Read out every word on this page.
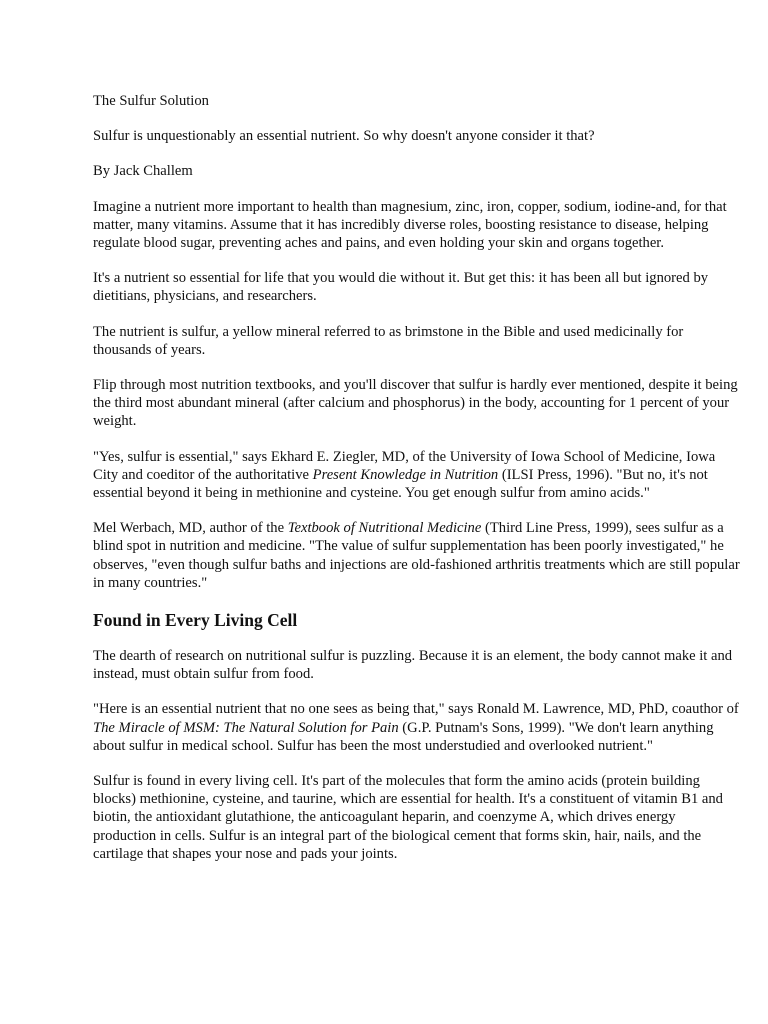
The Sulfur Solution

Sulfur is unquestionably an essential nutrient. So why doesn't anyone consider it that?

By Jack Challem

Imagine a nutrient more important to health than magnesium, zinc, iron, copper, sodium, iodine-and, for that matter, many vitamins. Assume that it has incredibly diverse roles, boosting resistance to disease, helping regulate blood sugar, preventing aches and pains, and even holding your skin and organs together.

It's a nutrient so essential for life that you would die without it. But get this: it has been all but ignored by dietitians, physicians, and researchers.

The nutrient is sulfur, a yellow mineral referred to as brimstone in the Bible and used medicinally for thousands of years.

Flip through most nutrition textbooks, and you'll discover that sulfur is hardly ever mentioned, despite it being the third most abundant mineral (after calcium and phosphorus) in the body, accounting for 1 percent of your weight.

"Yes, sulfur is essential," says Ekhard E. Ziegler, MD, of the University of Iowa School of Medicine, Iowa City and coeditor of the authoritative Present Knowledge in Nutrition (ILSI Press, 1996). "But no, it's not essential beyond it being in methionine and cysteine. You get enough sulfur from amino acids."

Mel Werbach, MD, author of the Textbook of Nutritional Medicine (Third Line Press, 1999), sees sulfur as a blind spot in nutrition and medicine. "The value of sulfur supplementation has been poorly investigated," he observes, "even though sulfur baths and injections are old-fashioned arthritis treatments which are still popular in many countries."

Found in Every Living Cell

The dearth of research on nutritional sulfur is puzzling. Because it is an element, the body cannot make it and instead, must obtain sulfur from food.

"Here is an essential nutrient that no one sees as being that," says Ronald M. Lawrence, MD, PhD, coauthor of The Miracle of MSM: The Natural Solution for Pain (G.P. Putnam's Sons, 1999). "We don't learn anything about sulfur in medical school. Sulfur has been the most understudied and overlooked nutrient."

Sulfur is found in every living cell. It's part of the molecules that form the amino acids (protein building blocks) methionine, cysteine, and taurine, which are essential for health. It's a constituent of vitamin B1 and biotin, the antioxidant glutathione, the anticoagulant heparin, and coenzyme A, which drives energy production in cells. Sulfur is an integral part of the biological cement that forms skin, hair, nails, and the cartilage that shapes your nose and pads your joints.
